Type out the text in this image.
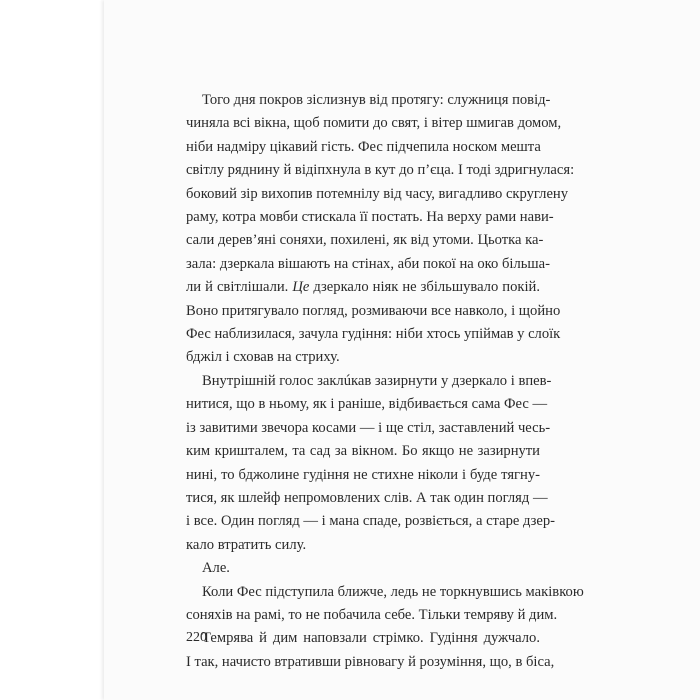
Того дня покров зіслизнув від протягу: служниця повід-
чиняла всі вікна, щоб помити до свят, і вітер шмигав домом,
ніби надміру цікавий гість. Фес підчепила носком мешта
світлу ряднину й відіпхнула в кут до п’єца. І тоді здригнулася:
боковий зір вихопив потемнілу від часу, вигадливо скруглену
раму, котра мовби стискала її постать. На верху рами нави-
сали дерев’яні соняхи, похилені, як від утоми. Цьотка ка-
зала: дзеркала вішають на стінах, аби покої на око більша-
ли й світлішали. Це дзеркало ніяк не збільшувало покій.
Воно притягувало погляд, розмиваючи все навколо, і щойно
Фес наблизилася, зачула гудіння: ніби хтось упіймав у слоїк
бджіл і сховав на стриху.
Внутрішній голос заклúкав зазирнути у дзеркало і впев-
нитися, що в ньому, як і раніше, відбивається сама Фес —
із завитими звечора косами — і ще стіл, заставлений чесь-
ким кришталем, та сад за вікном. Бо якщо не зазирнути
нині, то бджолине гудіння не стихне ніколи і буде тягну-
тися, як шлейф непромовлених слів. А так один погляд —
і все. Один погляд — і мана спаде, розвіється, а старе дзер-
кало втратить силу.
Але.
Коли Фес підступила ближче, ледь не торкнувшись маківкою
соняхів на рамі, то не побачила себе. Тільки темряву й дим.
Темрява й дим наповзали стрімко. Гудіння дужчало.
І так, начисто втративши рівновагу й розуміння, що, в біса,
220
